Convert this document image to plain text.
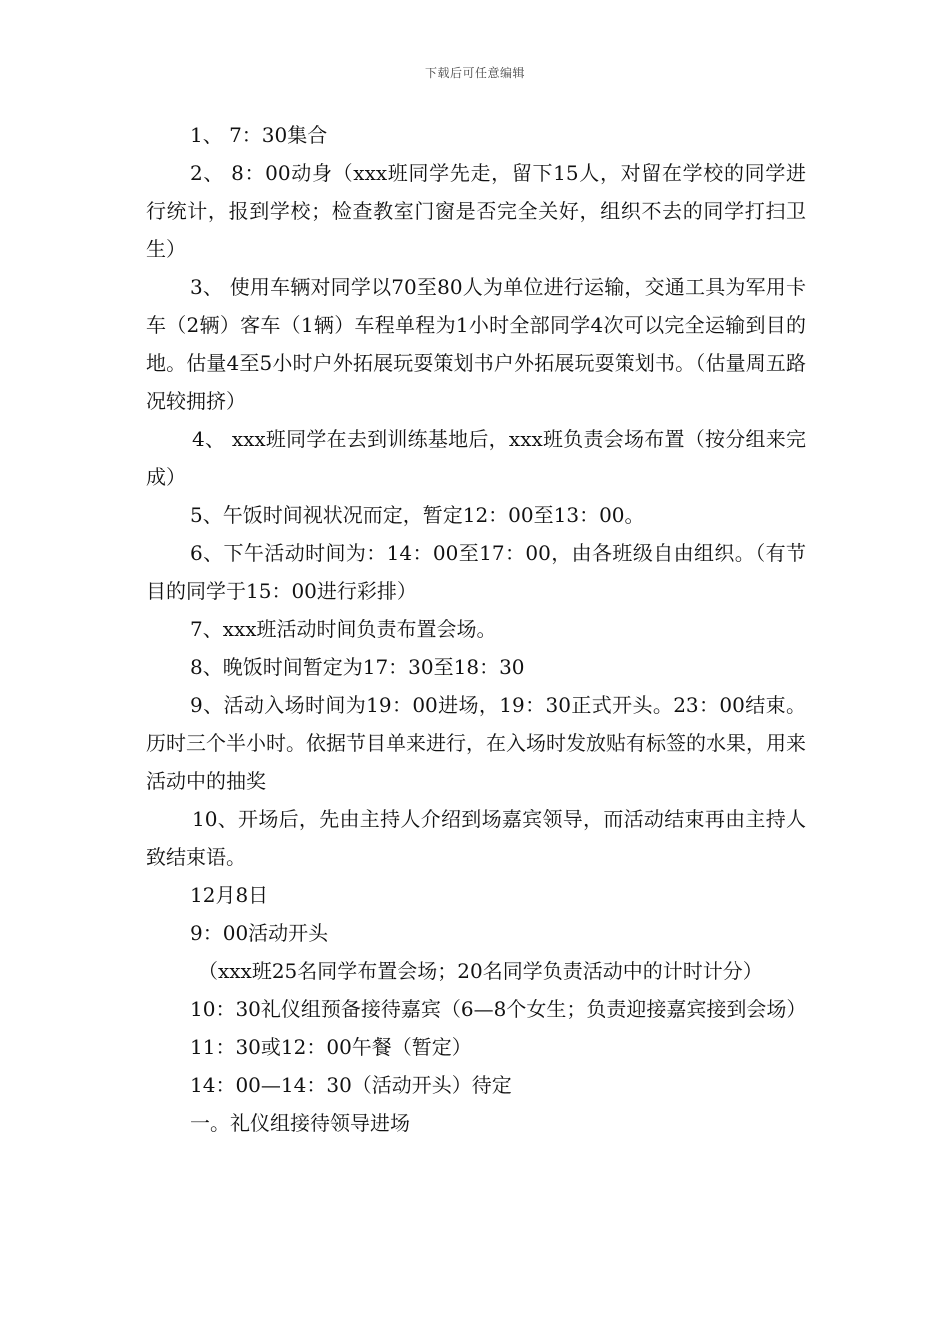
下载后可任意编辑

1、 7：30集合

2、 8：00动身（xxx班同学先走，留下15人，对留在学校的同学进行统计，报到学校；检查教室门窗是否完全关好，组织不去的同学打扫卫生）

3、 使用车辆对同学以70至80人为单位进行运输，交通工具为军用卡车（2辆）客车（1辆）车程单程为1小时全部同学4次可以完全运输到目的地。估量4至5小时户外拓展玩耍策划书户外拓展玩耍策划书。（估量周五路况较拥挤）

4、 xxx班同学在去到训练基地后，xxx班负责会场布置（按分组来完成）

5、午饭时间视状况而定，暂定12：00至13：00。

6、下午活动时间为：14：00至17：00，由各班级自由组织。（有节目的同学于15：00进行彩排）

7、xxx班活动时间负责布置会场。

8、晚饭时间暂定为17：30至18：30

9、活动入场时间为19：00进场，19：30正式开头。23：00结束。历时三个半小时。依据节目单来进行，在入场时发放贴有标签的水果，用来活动中的抽奖

10、开场后，先由主持人介绍到场嘉宾领导，而活动结束再由主持人致结束语。

12月8日

9：00活动开头

（xxx班25名同学布置会场；20名同学负责活动中的计时计分）

10：30礼仪组预备接待嘉宾（6—8个女生；负责迎接嘉宾接到会场）

11：30或12：00午餐（暂定）

14：00—14：30（活动开头）待定

一。礼仪组接待领导进场
